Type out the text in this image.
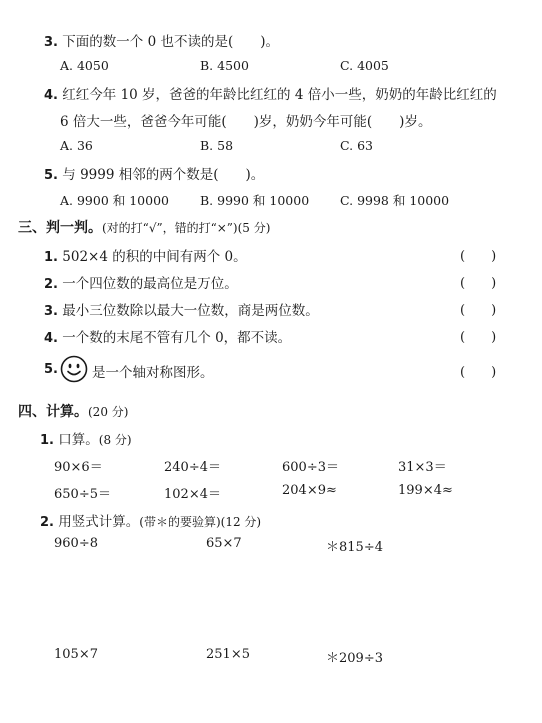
3. 下面的数一个 0 也不读的是(　　)。
A. 4050	B. 4500	C. 4005
4. 红红今年 10 岁，爸爸的年龄比红红的 4 倍小一些，奶奶的年龄比红红的
6 倍大一些，爸爸今年可能(　　)岁，奶奶今年可能(　　)岁。
A. 36	B. 58	C. 63
5. 与 9999 相邻的两个数是(　　)。
A. 9900 和 10000 B. 9990 和 10000 C. 9998 和 10000
三、判一判。(对的打“√”，错的打“×”)(5 分)
1. 502×4 的积的中间有两个 0。	(　　)
2. 一个四位数的最高位是万位。	(　　)
3. 最小三位数除以最大一位数，商是两位数。	(　　)
4. 一个数的末尾不管有几个 0，都不读。	(　　)
5.	是一个轴对称图形。	(　　)
四、计算。(20 分)
1. 口算。(8 分)
90×6＝	240÷4＝	600÷3＝	31×3＝
650÷5＝	102×4＝	204×9≈	199×4≈
2. 用竖式计算。(带＊的要验算)(12 分)
960÷8	65×7	＊815÷4
105×7	251×5	＊209÷3
